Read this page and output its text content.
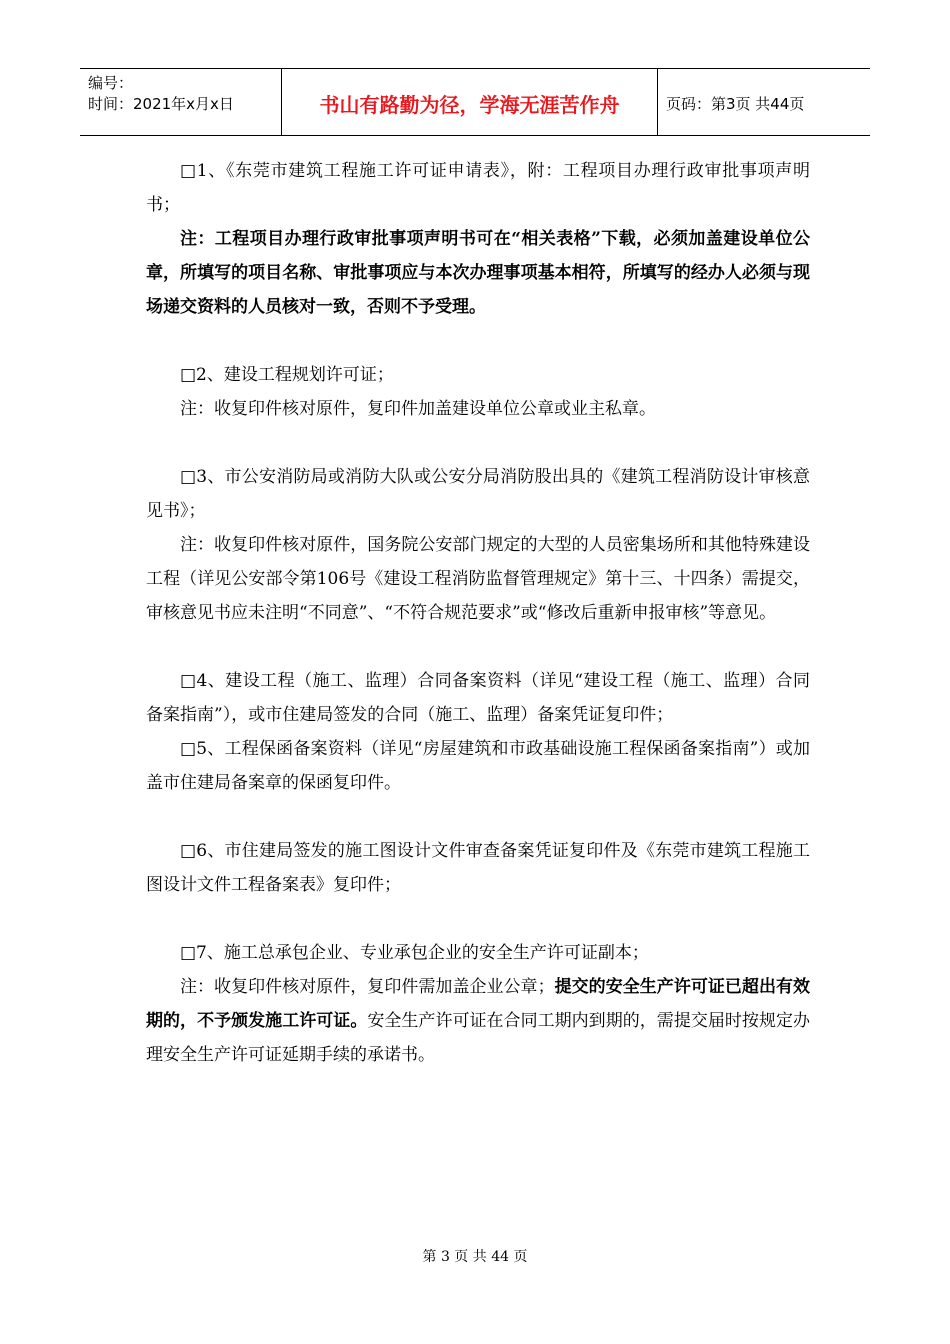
编号：
时间：2021年x月x日	书山有路勤为径，学海无涯苦作舟	页码：第3页 共44页

□1、《东莞市建筑工程施工许可证申请表》，附：工程项目办理行政审批事项声明书；

注：工程项目办理行政审批事项声明书可在“相关表格”下载，必须加盖建设单位公章，所填写的项目名称、审批事项应与本次办理事项基本相符，所填写的经办人必须与现场递交资料的人员核对一致，否则不予受理。

□2、建设工程规划许可证；

注：收复印件核对原件，复印件加盖建设单位公章或业主私章。

□3、市公安消防局或消防大队或公安分局消防股出具的《建筑工程消防设计审核意见书》；

注：收复印件核对原件，国务院公安部门规定的大型的人员密集场所和其他特殊建设工程（详见公安部令第106号《建设工程消防监督管理规定》第十三、十四条）需提交，审核意见书应未注明“不同意”、“不符合规范要求”或“修改后重新申报审核”等意见。

□4、建设工程（施工、监理）合同备案资料（详见“建设工程（施工、监理）合同备案指南”），或市住建局签发的合同（施工、监理）备案凭证复印件；

□5、工程保函备案资料（详见“房屋建筑和市政基础设施工程保函备案指南”）或加盖市住建局备案章的保函复印件。

□6、市住建局签发的施工图设计文件审查备案凭证复印件及《东莞市建筑工程施工图设计文件工程备案表》复印件；

□7、施工总承包企业、专业承包企业的安全生产许可证副本；

注：收复印件核对原件，复印件需加盖企业公章；提交的安全生产许可证已超出有效期的，不予颁发施工许可证。安全生产许可证在合同工期内到期的，需提交届时按规定办理安全生产许可证延期手续的承诺书。

第 3 页 共 44 页
